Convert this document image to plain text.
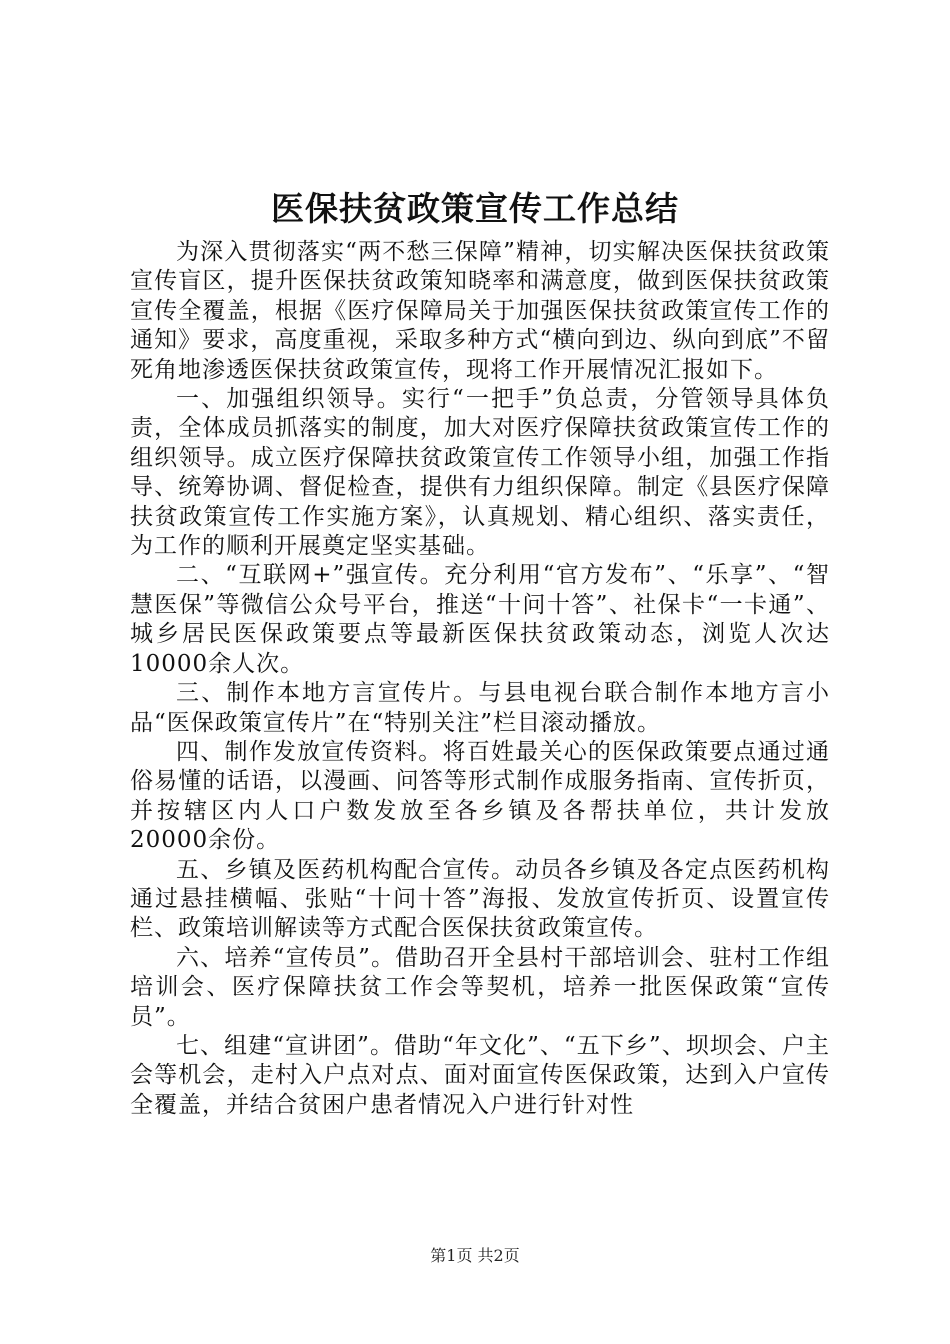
医保扶贫政策宣传工作总结

为深入贯彻落实“两不愁三保障”精神，切实解决医保扶贫政策宣传盲区，提升医保扶贫政策知晓率和满意度，做到医保扶贫政策宣传全覆盖，根据《医疗保障局关于加强医保扶贫政策宣传工作的通知》要求，高度重视，采取多种方式“横向到边、纵向到底”不留死角地渗透医保扶贫政策宣传，现将工作开展情况汇报如下。

一、加强组织领导。实行“一把手”负总责，分管领导具体负责，全体成员抓落实的制度，加大对医疗保障扶贫政策宣传工作的组织领导。成立医疗保障扶贫政策宣传工作领导小组，加强工作指导、统筹协调、督促检查，提供有力组织保障。制定《县医疗保障扶贫政策宣传工作实施方案》，认真规划、精心组织、落实责任，为工作的顺利开展奠定坚实基础。

二、“互联网+”强宣传。充分利用“官方发布”、“乐享”、“智慧医保”等微信公众号平台，推送“十问十答”、社保卡“一卡通”、城乡居民医保政策要点等最新医保扶贫政策动态，浏览人次达10000余人次。

三、制作本地方言宣传片。与县电视台联合制作本地方言小品“医保政策宣传片”在“特别关注”栏目滚动播放。

四、制作发放宣传资料。将百姓最关心的医保政策要点通过通俗易懂的话语，以漫画、问答等形式制作成服务指南、宣传折页，并按辖区内人口户数发放至各乡镇及各帮扶单位，共计发放20000余份。

五、乡镇及医药机构配合宣传。动员各乡镇及各定点医药机构通过悬挂横幅、张贴“十问十答”海报、发放宣传折页、设置宣传栏、政策培训解读等方式配合医保扶贫政策宣传。

六、培养“宣传员”。借助召开全县村干部培训会、驻村工作组培训会、医疗保障扶贫工作会等契机，培养一批医保政策“宣传员”。

七、组建“宣讲团”。借助“年文化”、“五下乡”、坝坝会、户主会等机会，走村入户点对点、面对面宣传医保政策，达到入户宣传全覆盖，并结合贫困户患者情况入户进行针对性

第1页 共2页
